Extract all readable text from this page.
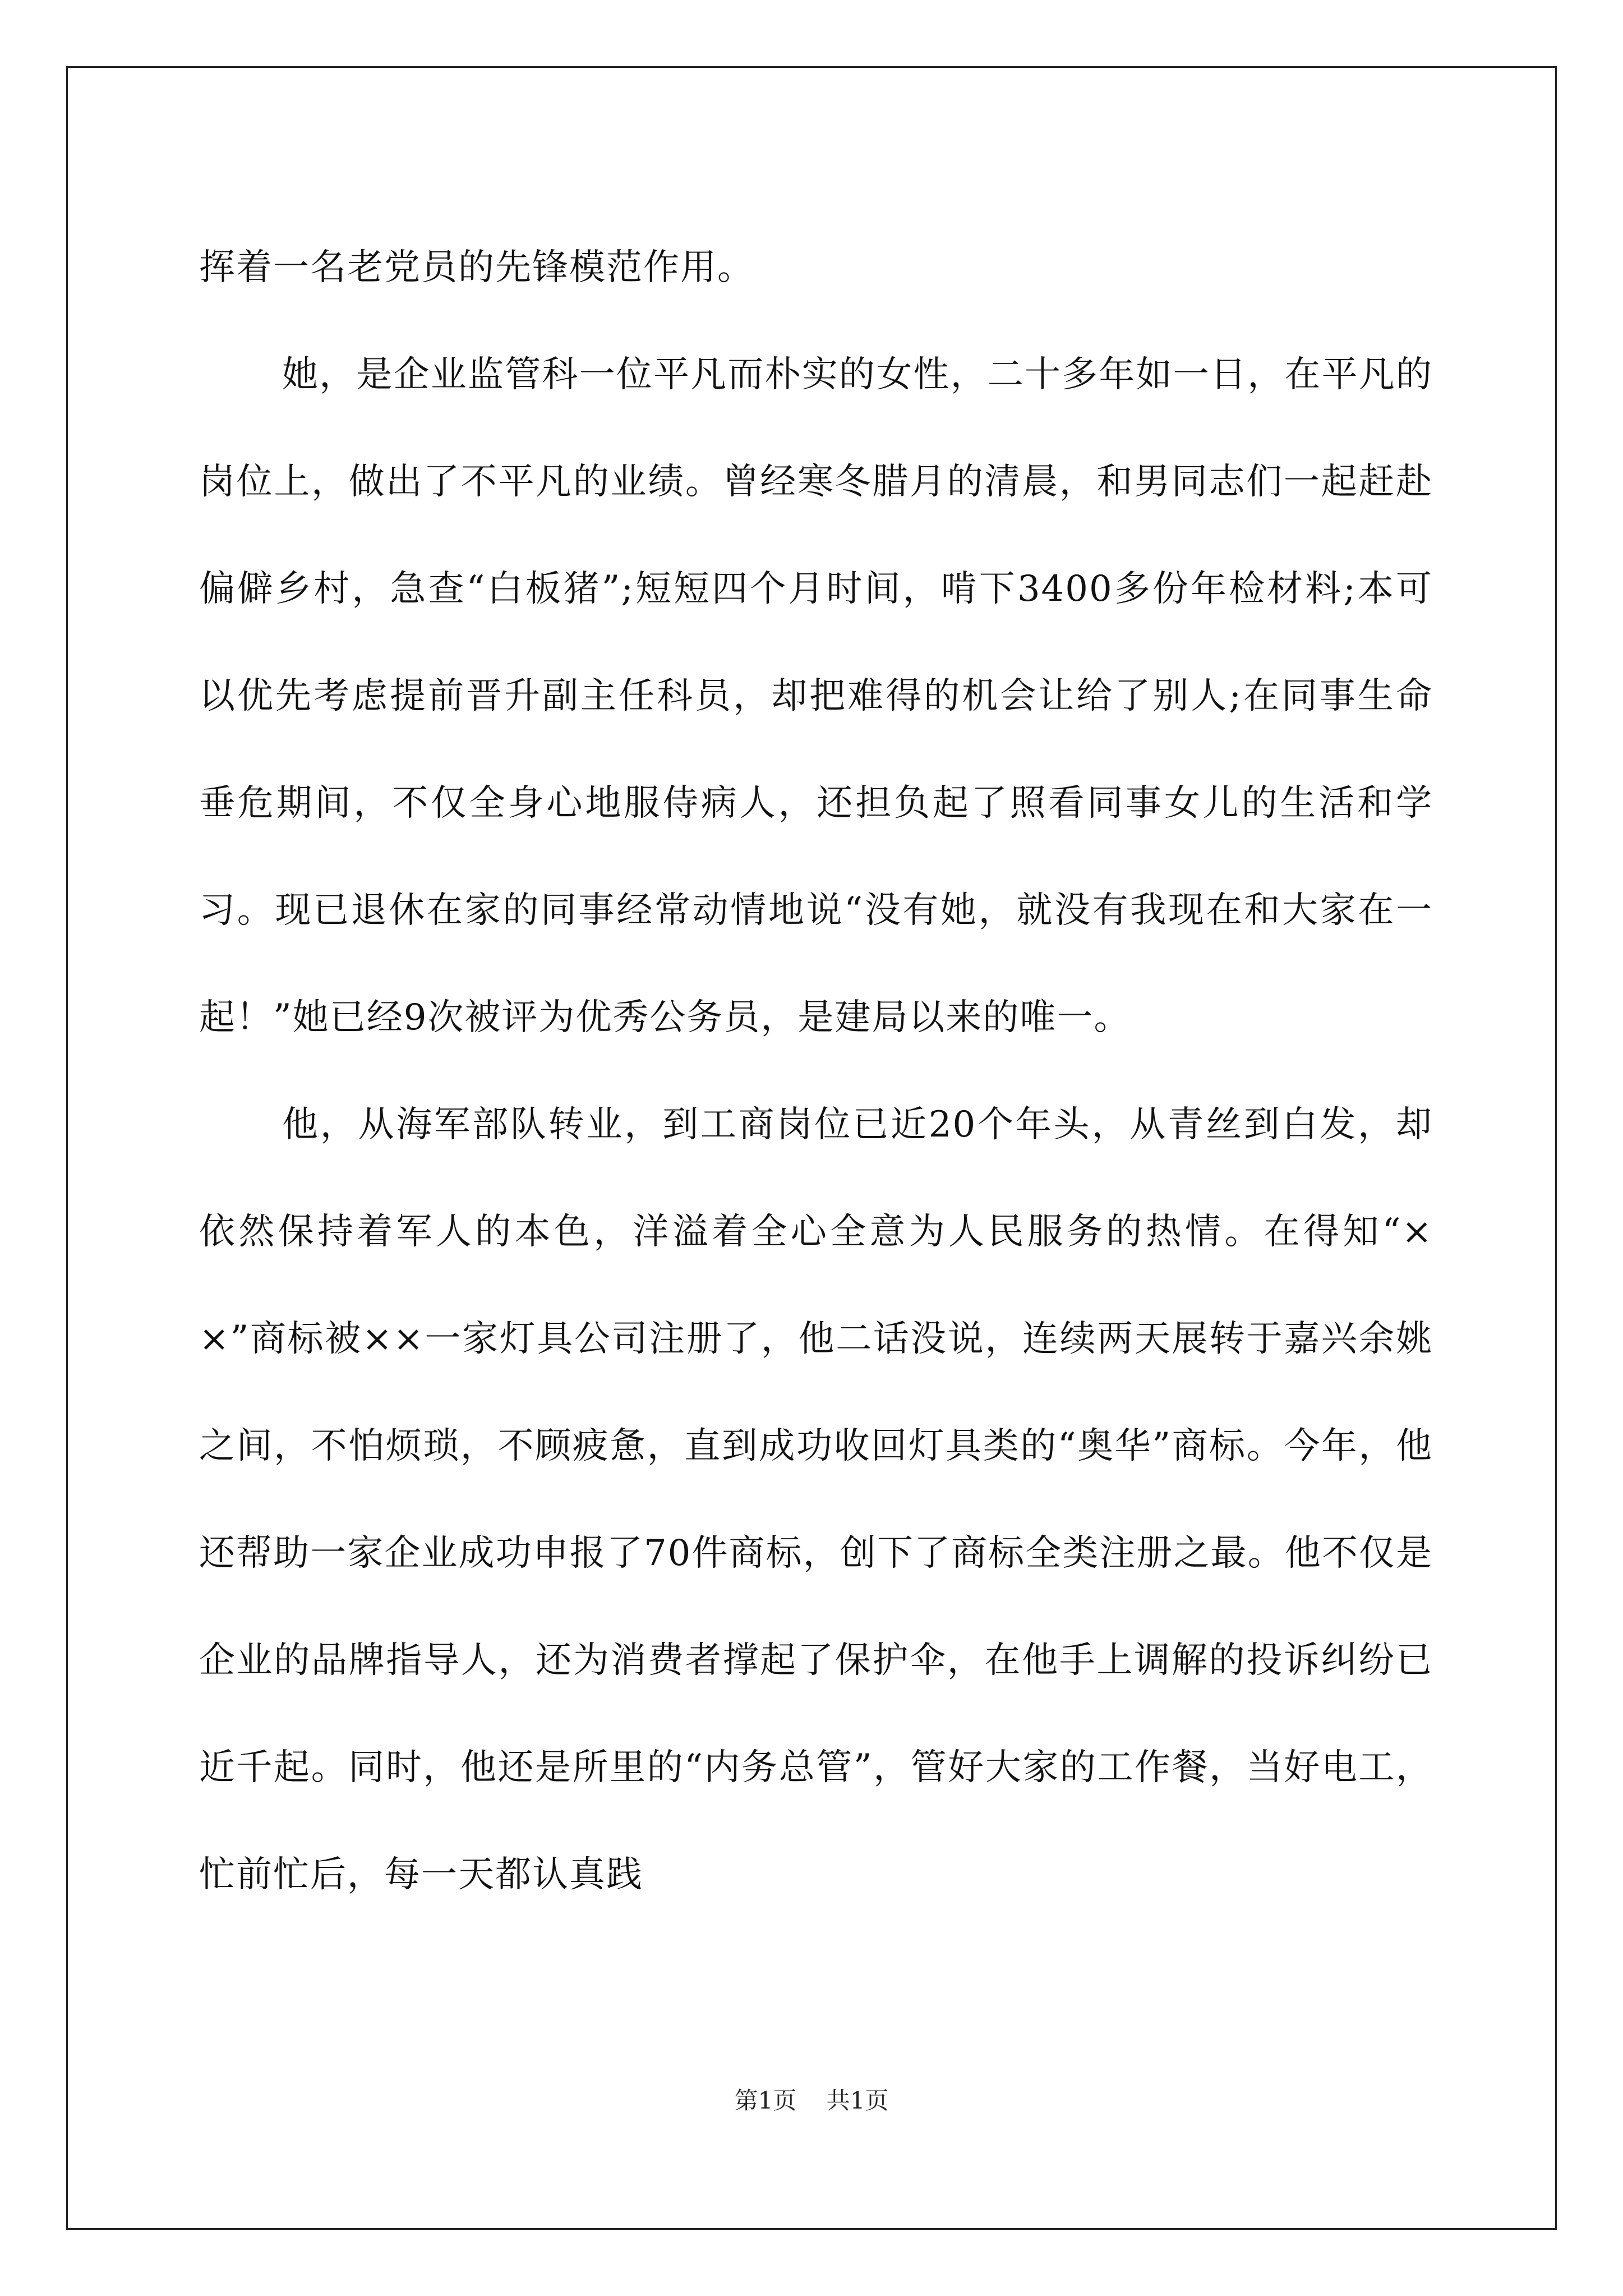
挥着一名老党员的先锋模范作用。

她，是企业监管科一位平凡而朴实的女性，二十多年如一日，在平凡的岗位上，做出了不平凡的业绩。曾经寒冬腊月的清晨，和男同志们一起赶赴偏僻乡村，急查“白板猪”;短短四个月时间，啃下3400多份年检材料;本可以优先考虑提前晋升副主任科员，却把难得的机会让给了别人;在同事生命垂危期间，不仅全身心地服侍病人，还担负起了照看同事女儿的生活和学习。现已退休在家的同事经常动情地说“没有她，就没有我现在和大家在一起！”她已经9次被评为优秀公务员，是建局以来的唯一。

他，从海军部队转业，到工商岗位已近20个年头，从青丝到白发，却依然保持着军人的本色，洋溢着全心全意为人民服务的热情。在得知“××”商标被××一家灯具公司注册了，他二话没说，连续两天展转于嘉兴余姚之间，不怕烦琐，不顾疲惫，直到成功收回灯具类的“奥华”商标。今年，他还帮助一家企业成功申报了70件商标，创下了商标全类注册之最。他不仅是企业的品牌指导人，还为消费者撑起了保护伞，在他手上调解的投诉纠纷已近千起。同时，他还是所里的“内务总管”，管好大家的工作餐，当好电工，忙前忙后，每一天都认真践

第1页 共1页
